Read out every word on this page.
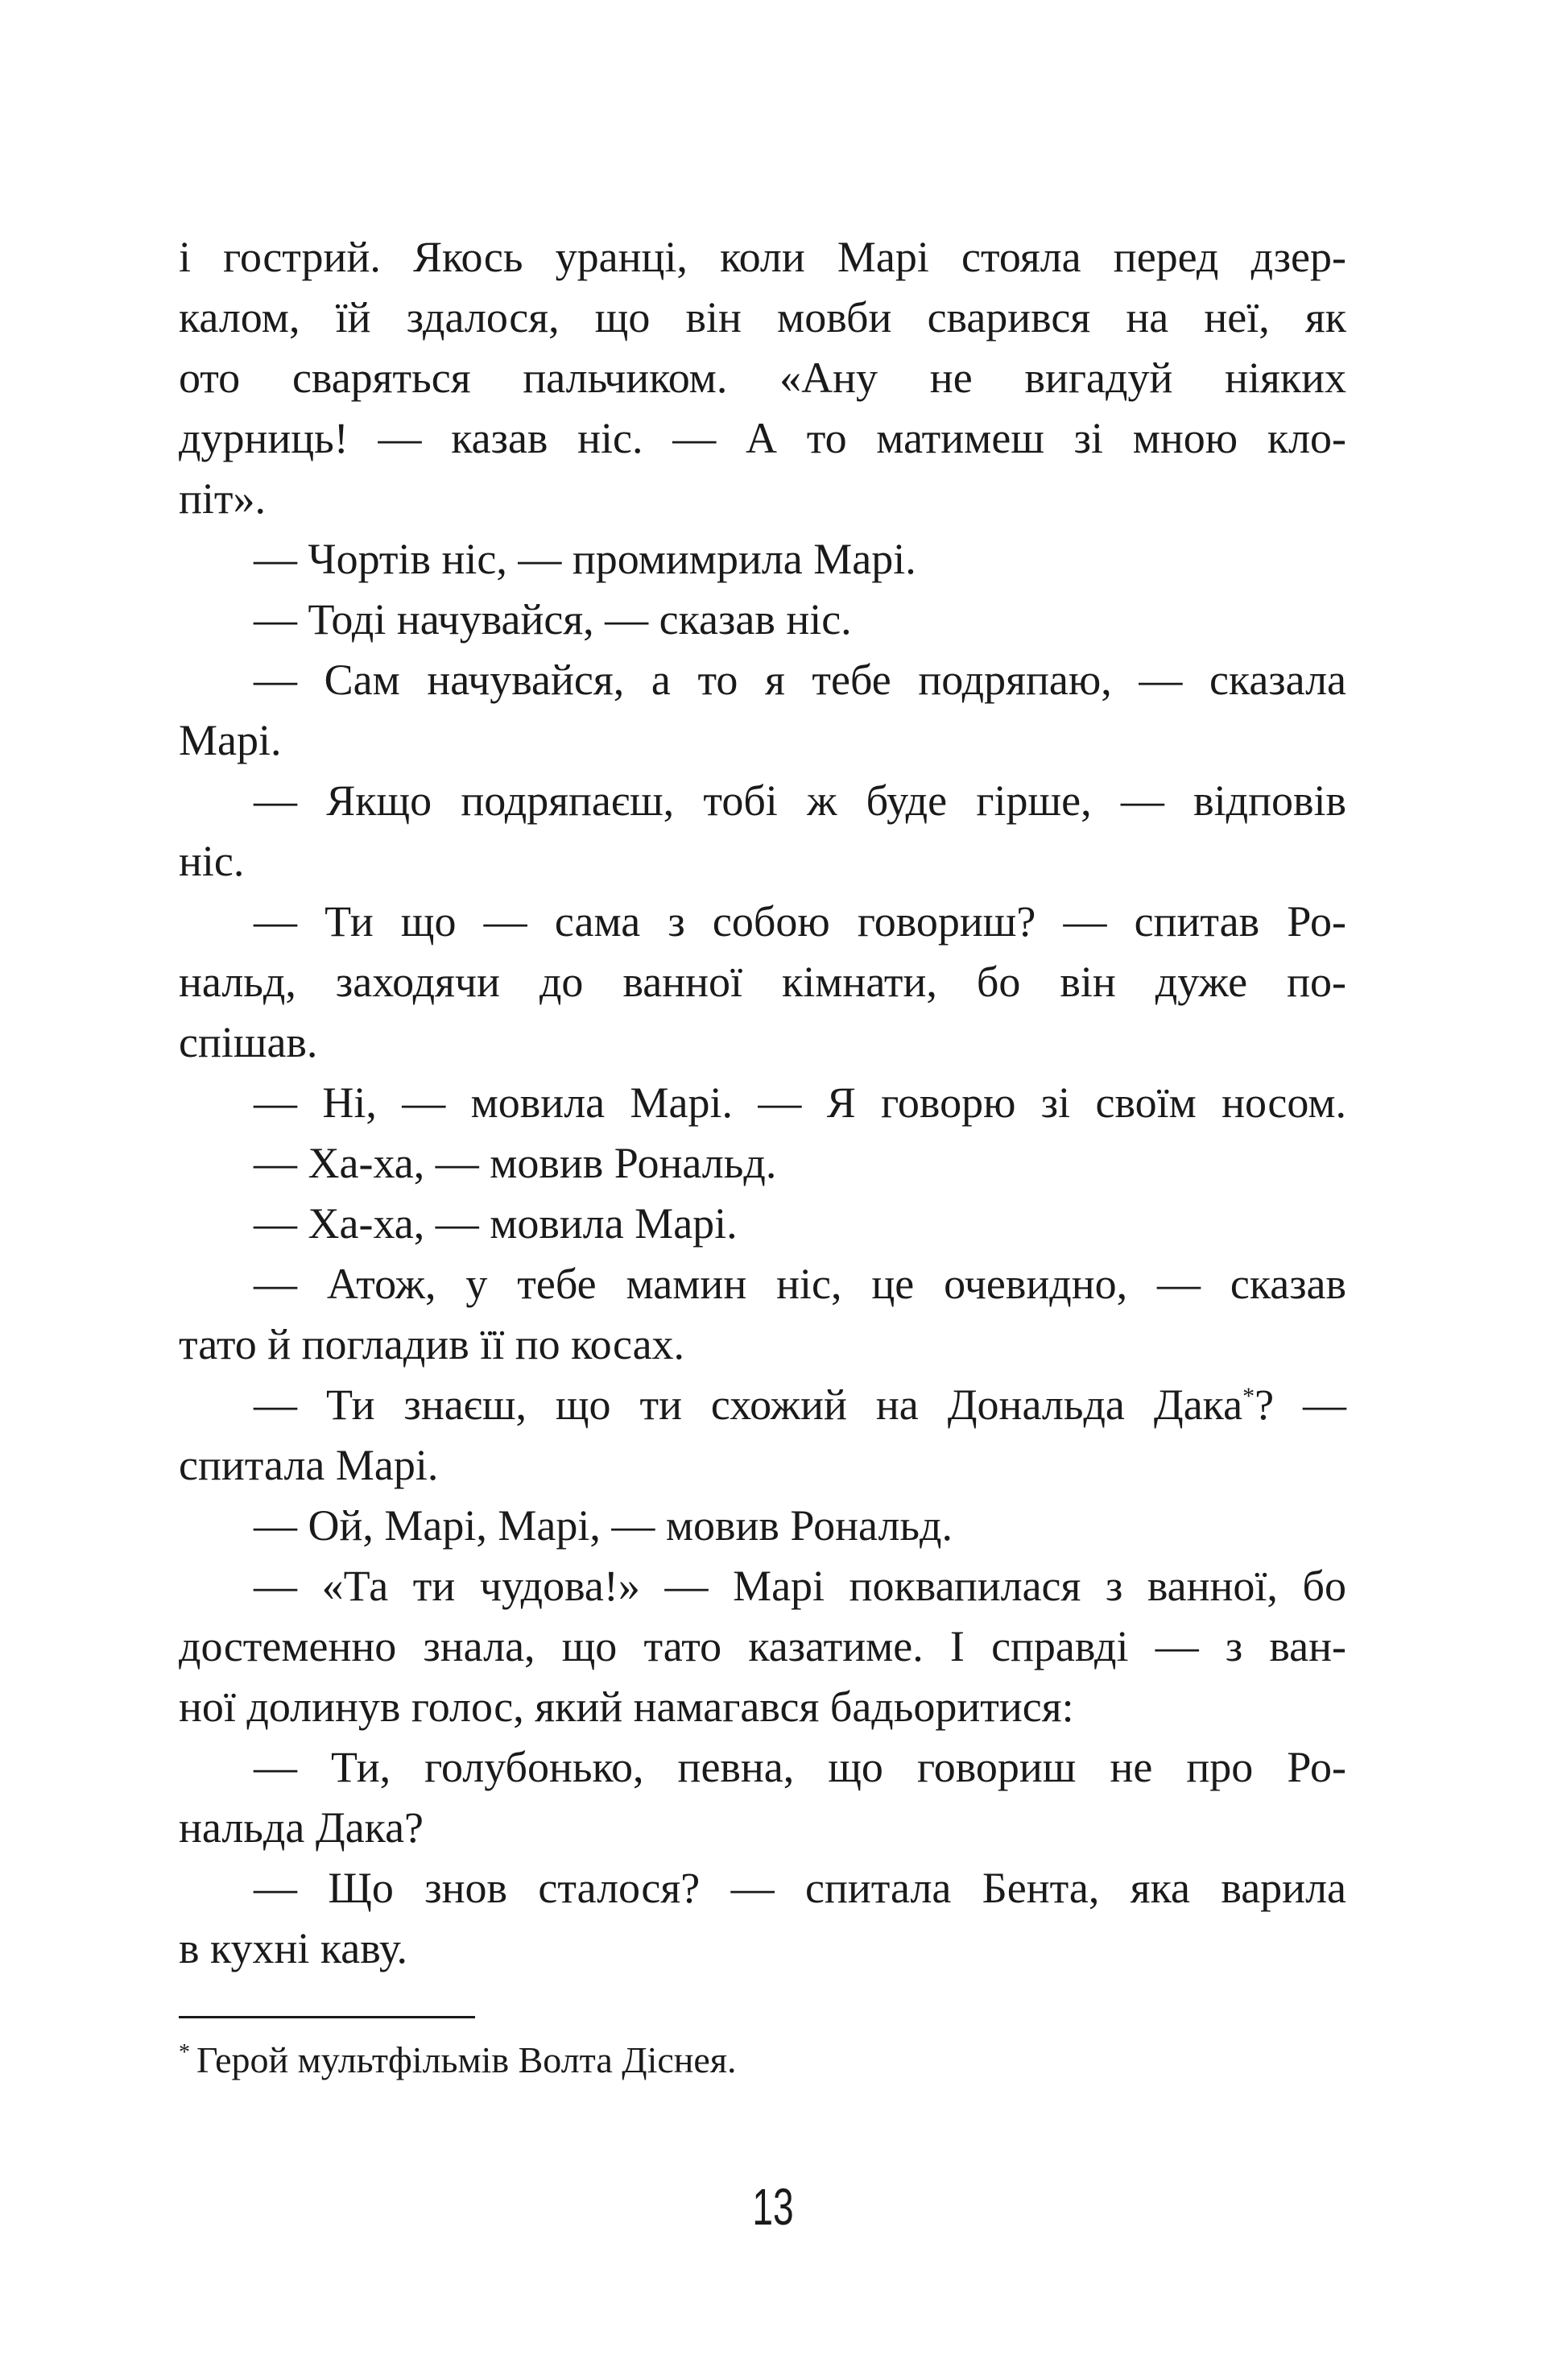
і гострий. Якось уранці, коли Марі стояла перед дзер-
калом, їй здалося, що він мовби сварився на неї, як
ото сваряться пальчиком. «Ану не вигадуй ніяких
дурниць! — казав ніс. — А то матимеш зі мною кло-
піт».
— Чортів ніс, — промимрила Марі.
— Тоді начувайся, — сказав ніс.
— Сам начувайся, а то я тебе подряпаю, — сказала
Марі.
— Якщо подряпаєш, тобі ж буде гірше, — відповів
ніс.
— Ти що — сама з собою говориш? — спитав Ро-
нальд, заходячи до ванної кімнати, бо він дуже по-
спішав.
— Ні, — мовила Марі. — Я говорю зі своїм носом.
— Ха-ха, — мовив Рональд.
— Ха-ха, — мовила Марі.
— Атож, у тебе мамин ніс, це очевидно, — сказав
тато й погладив її по косах.
— Ти знаєш, що ти схожий на Дональда Дака*? —
спитала Марі.
— Ой, Марі, Марі, — мовив Рональд.
— «Та ти чудова!» — Марі поквапилася з ванної, бо
достеменно знала, що тато казатиме. І справді — з ван-
ної долинув голос, який намагався бадьоритися:
— Ти, голубонько, певна, що говориш не про Ро-
нальда Дака?
— Що знов сталося? — спитала Бента, яка варила
в кухні каву.
* Герой мультфільмів Волта Діснея.
13
